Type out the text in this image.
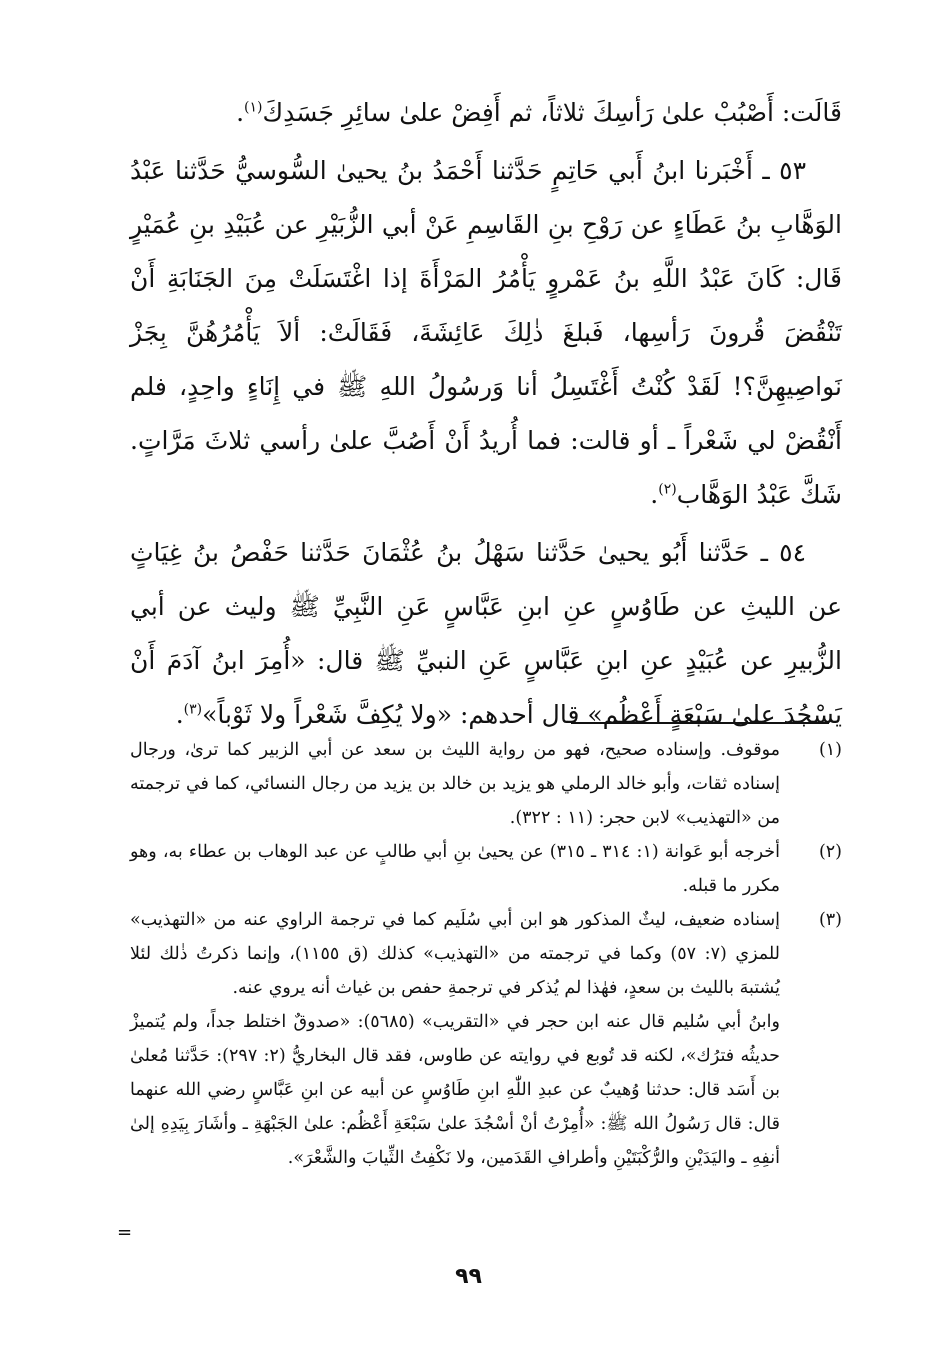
قَالَت: أَصْبُبْ علىٰ رَأسِكَ ثلاثاً، ثم أَفِضْ علىٰ سائِرِ جَسَدِكَ$^{(١)}$.

٥٣ ـ أَخْبَرنا ابنُ أَبي حَاتِمٍ حَدَّثنا أَحْمَدُ بنُ يحيىٰ السُّوسيُّ حَدَّثنا عَبْدُ الوَهَّابِ بنُ عَطَاءٍ عن رَوْحِ بنِ القَاسِمِ عَنْ أبي الزُّبَيْرِ عن عُبَيْدِ بنِ عُمَيْرٍ قَال: كَانَ عَبْدُ اللَّهِ بنُ عَمْروٍ يَأْمُرُ المَرْأَةَ إذا اغْتَسَلَتْ مِنَ الجَنَابَةِ أَنْ تَنْقُضَ قُرونَ رَأسِها، فَبلغَ ذٰلِكَ عَائِشَةَ، فَقَالَتْ: ألاَ يَأْمُرُهُنَّ بِجَزْ نَواصِيهِنَّ؟! لَقَدْ كُنْتُ أَغْتَسِلُ أنا وَرسُولُ اللهِ ﷺ في إِنَاءٍ واحِدٍ، فلم أَنْقُضْ لي شَعْراً ـ أو قالت: فما أُريدُ أَنْ أَصُبَّ علىٰ رأسي ثلاثَ مَرَّاتٍ. شَكَّ عَبْدُ الوَهَّاب$^{(٢)}$.

٥٤ ـ حَدَّثنا أَبُو يحيىٰ حَدَّثنا سَهْلُ بنُ عُثْمَانَ حَدَّثنا حَفْصُ بنُ غِيَاثٍ عن الليثِ عن طَاوُسٍ عنِ ابنِ عَبَّاسٍ عَنِ النَّبِيِّ ﷺ وليث عن أبي الزُّبيرِ عن عُبَيْدٍ عنِ ابنِ عَبَّاسٍ عَنِ النبيِّ ﷺ قال: «أُمِرَ ابنُ آدَمَ أَنْ يَسْجُدَ علىٰ سَبْعَةٍ أَعْظُم» قال أحدهم: «ولا يُكِفَّ شَعْراً ولا ثَوْباً»$^{(٣)}$.

(١)

موقوف. وإسناده صحيح، فهو من رواية الليث بن سعد عن أبي الزبير كما ترىٰ، ورجال إسناده ثقات، وأبو خالد الرملي هو يزيد بن خالد بن يزيد من رجال النسائي، كما في ترجمته من «التهذيب» لابن حجر: (١١ : ٣٢٢).

(٢)

أخرجه أبو عَوانة (١: ٣١٤ ـ ٣١٥) عن يحيىٰ بنِ أبي طالبٍ عن عبد الوهاب بن عطاء به، وهو مكرر ما قبله.

(٣)

إسناده ضعيف، ليثٌ المذكور هو ابن أبي سُلَيم كما في ترجمة الراوي عنه من «التهذيب» للمزي (٧: ٥٧) وكما في ترجمته من «التهذيب» كذلك (ق ١١٥٥)، وإنما ذكرتُ ذٰلك لئلا يُشتبهَ بالليث بن سعدٍ، فهٰذا لم يُذكر في ترجمةِ حفص بن غياث أنه يروي عنه.

وابنُ أبي سُليم قال عنه ابن حجر في «التقريب» (٥٦٨٥): «صدوقٌ اختلط جداً، ولم يُتميزْ حديثُه فترُك»، لكنه قد تُوبع في روايته عن طاوس، فقد قال البخاريُّ (٢: ٢٩٧): حَدَّثنا مُعلىٰ بن أَسَد قال: حدثنا وُهيبٌ عن عبدِ اللّٰهِ ابنِ طَاوُسٍ عن أبيه عن ابنِ عَبَّاسٍ رضي الله عنهما قال: قال رَسُولُ الله ﷺ: «أُمِرْتُ أنْ أسْجُدَ علىٰ سَبْعَةِ أَعْظُم: علىٰ الجَبْهَةِ ـ وأشَارَ بِيَدِهِ إلىٰ أنفِهِ ـ واليَدَيْنِ والرُّكْبَتَيْنِ وأطرافِ القَدَمين، ولا نَكْفِتُ الثِّيابَ والشَّعْرَ».

=
٩٩
